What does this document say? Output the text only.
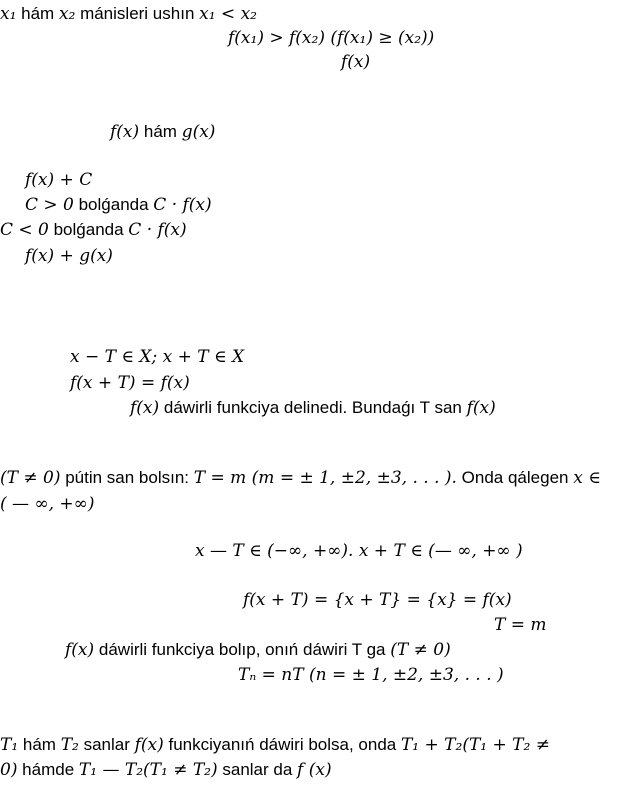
x₁ hám x₂ mánisleri ushın x₁ < x₂
f(x₁) > f(x₂) (f(x₁) ≥ (x₂))
f(x)
f(x) hám g(x)
f(x) + C
C > 0 bolǵanda C · f(x)
C < 0 bolǵanda C · f(x)
f(x) + g(x)
x − T ∈ X; x + T ∈ X
f(x + T) = f(x)
f(x) dáwirli funkciya delinedi. Bundaǵı T san f(x)
(T ≠ 0) pútin san bolsın: T = m (m = ± 1, ±2, ±3, . . . ). Onda qálegen x ∈
( — ∞, +∞)
x — T ∈ (−∞, +∞). x + T ∈ (— ∞, +∞ )
f(x + T) = {x + T} = {x} = f(x)
T = m
f(x) dáwirli funkciya bolıp, onıń dáwiri T ga (T ≠ 0)
Tₙ = nT (n = ± 1, ±2, ±3, . . . )
T₁ hám T₂ sanlar f(x) funkciyanıń dáwiri bolsa, onda T₁ + T₂(T₁ + T₂ ≠
0) hámde T₁ — T₂(T₁ ≠ T₂) sanlar da f (x)
